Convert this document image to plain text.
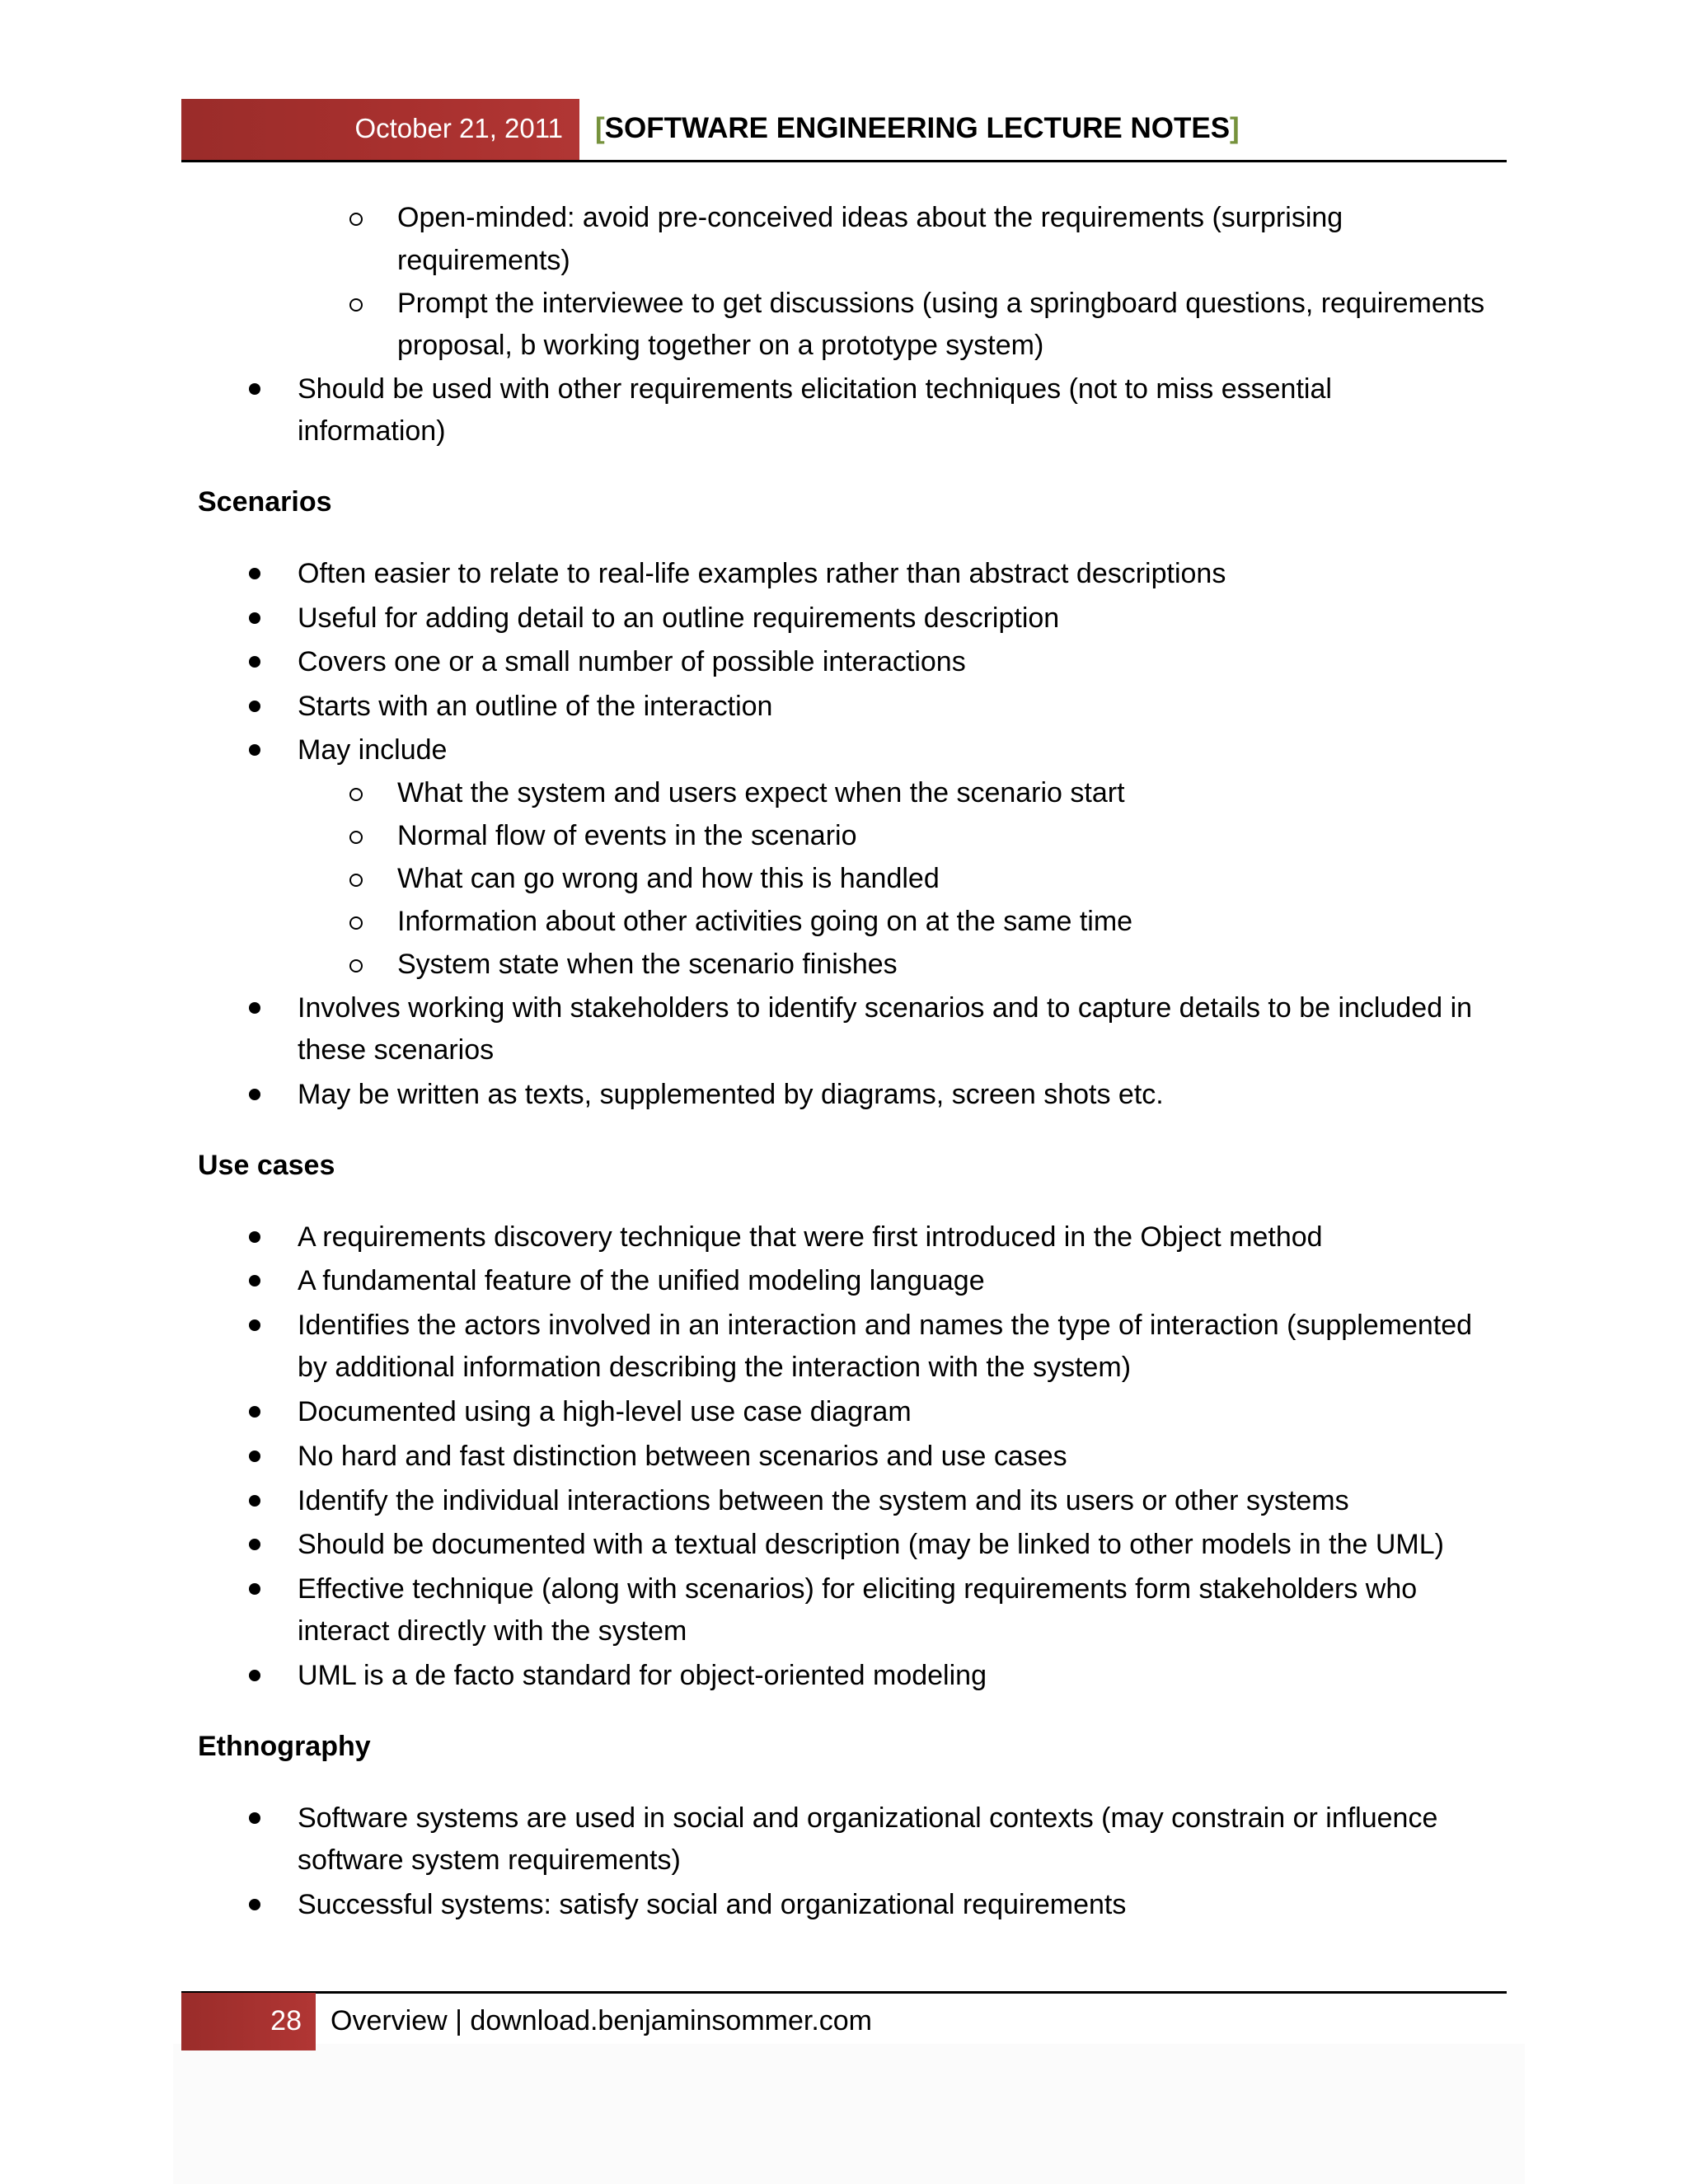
October 21, 2011 [SOFTWARE ENGINEERING LECTURE NOTES]
Open-minded: avoid pre-conceived ideas about the requirements (surprising
requirements)
Prompt the interviewee to get discussions (using a springboard questions, requirements
proposal, b working together on a prototype system)
Should be used with other requirements elicitation techniques (not to miss essential
information)
Scenarios
Often easier to relate to real-life examples rather than abstract descriptions
Useful for adding detail to an outline requirements description
Covers one or a small number of possible interactions
Starts with an outline of the interaction
May include
What the system and users expect when the scenario start
Normal flow of events in the scenario
What can go wrong and how this is handled
Information about other activities going on at the same time
System state when the scenario finishes
Involves working with stakeholders to identify scenarios and to capture details to be included in
these scenarios
May be written as texts, supplemented by diagrams, screen shots etc.
Use cases
A requirements discovery technique that were first introduced in the Object method
A fundamental feature of the unified modeling language
Identifies the actors involved in an interaction and names the type of interaction (supplemented
by additional information describing the interaction with the system)
Documented using a high-level use case diagram
No hard and fast distinction between scenarios and use cases
Identify the individual interactions between the system and its users or other systems
Should be documented with a textual description (may be linked to other models in the UML)
Effective technique (along with scenarios) for eliciting requirements form stakeholders who
interact directly with the system
UML is a de facto standard for object-oriented modeling
Ethnography
Software systems are used in social and organizational contexts (may constrain or influence
software system requirements)
Successful systems: satisfy social and organizational requirements
28 Overview | download.benjaminsommer.com
